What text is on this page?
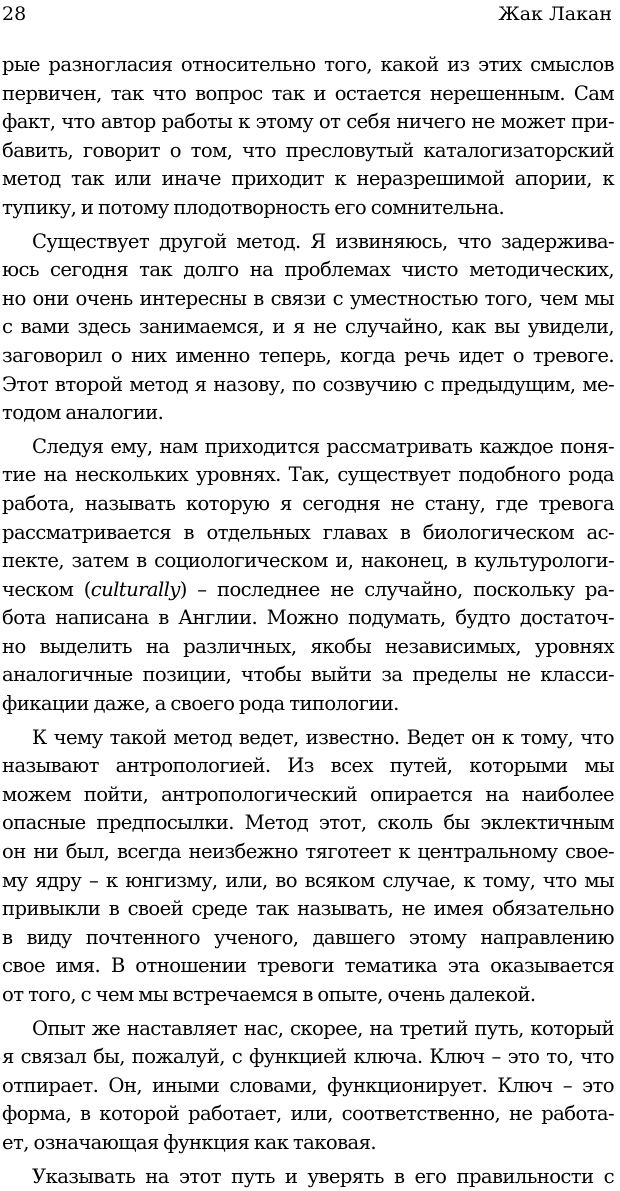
28	Жак Лакан
рые разногласия относительно того, какой из этих смыслов
первичен, так что вопрос так и остается нерешенным. Сам
факт, что автор работы к этому от себя ничего не может при-
бавить, говорит о том, что пресловутый каталогизаторский
метод так или иначе приходит к неразрешимой апории, к
тупику, и потому плодотворность его сомнительна.
Существует другой метод. Я извиняюсь, что задержива-
юсь сегодня так долго на проблемах чисто методических,
но они очень интересны в связи с уместностью того, чем мы
с вами здесь занимаемся, и я не случайно, как вы увидели,
заговорил о них именно теперь, когда речь идет о тревоге.
Этот второй метод я назову, по созвучию с предыдущим, ме-
тодом аналогии.
Следуя ему, нам приходится рассматривать каждое поня-
тие на нескольких уровнях. Так, существует подобного рода
работа, называть которую я сегодня не стану, где тревога
рассматривается в отдельных главах в биологическом ас-
пекте, затем в социологическом и, наконец, в культурологи-
ческом (culturally) – последнее не случайно, поскольку ра-
бота написана в Англии. Можно подумать, будто достаточ-
но выделить на различных, якобы независимых, уровнях
аналогичные позиции, чтобы выйти за пределы не класси-
фикации даже, а своего рода типологии.
К чему такой метод ведет, известно. Ведет он к тому, что
называют антропологией. Из всех путей, которыми мы
можем пойти, антропологический опирается на наиболее
опасные предпосылки. Метод этот, сколь бы эклектичным
он ни был, всегда неизбежно тяготеет к центральному свое-
му ядру – к юнгизму, или, во всяком случае, к тому, что мы
привыкли в своей среде так называть, не имея обязательно
в виду почтенного ученого, давшего этому направлению
свое имя. В отношении тревоги тематика эта оказывается
от того, с чем мы встречаемся в опыте, очень далекой.
Опыт же наставляет нас, скорее, на третий путь, который
я связал бы, пожалуй, с функцией ключа. Ключ – это то, что
отпирает. Он, иными словами, функционирует. Ключ – это
форма, в которой работает, или, соответственно, не работа-
ет, означающая функция как таковая.
Указывать на этот путь и уверять в его правильности с
